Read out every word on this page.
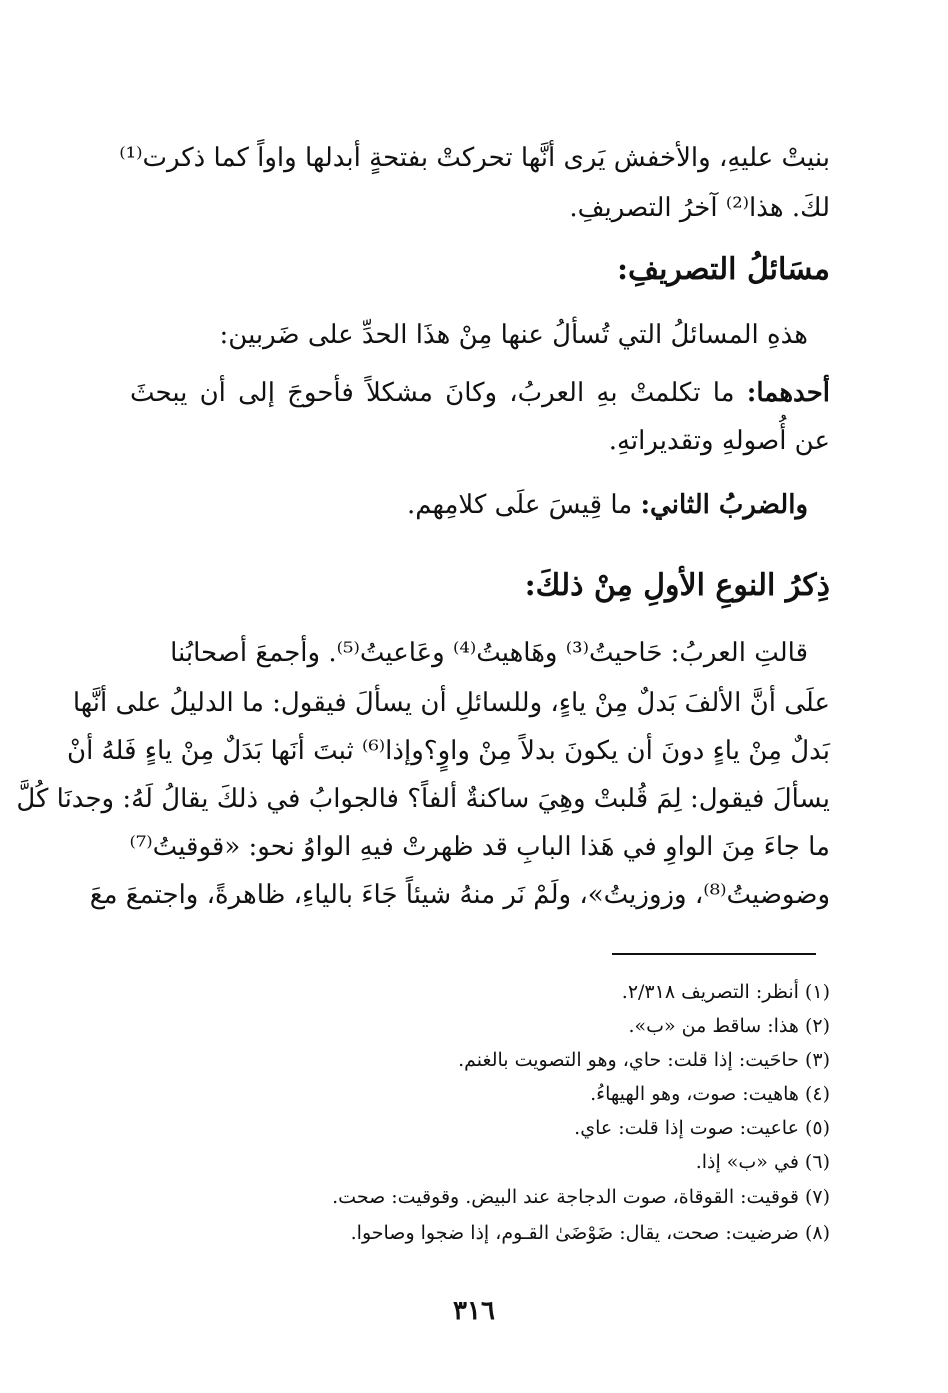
بنيتْ عليهِ، والأخفش يَرى أنَّها تحركتْ بفتحةٍ أبدلها واواً كما ذكرت⁽¹⁾
لكَ. هذا⁽²⁾ آخرُ التصريفِ.
مسَائلُ التصريفِ:
هذهِ المسائلُ التي تُسألُ عنها مِنْ هذَا الحدِّ على ضَربين:
أحدهما: ما تكلمتْ بهِ العربُ، وكانَ مشكلاً فأحوجَ إلى أن يبحثَ
عن أُصولهِ وتقديراتهِ.
والضربُ الثاني: ما قِيسَ علَى كلامِهم.
ذِكرُ النوعِ الأولِ مِنْ ذلكَ:
قالتِ العربُ: حَاحيتُ⁽³⁾ وهَاهيتُ⁽⁴⁾ وعَاعيتُ⁽⁵⁾. وأجمعَ أصحابُنا
علَى أنَّ الألفَ بَدلٌ مِنْ ياءٍ، وللسائلِ أن يسألَ فيقول: ما الدليلُ على أنَّها
بَدلٌ مِنْ ياءٍ دونَ أن يكونَ بدلاً مِنْ واوٍ؟وإذا⁽⁶⁾ ثبتَ أنَها بَدَلٌ مِنْ ياءٍ فَلهُ أنْ
يسألَ فيقول: لِمَ قُلبتْ وهِيَ ساكنةٌ ألفاً؟ فالجوابُ في ذلكَ يقالُ لَهُ: وجدنَا كُلَّ
ما جاءَ مِنَ الواوِ في هَذا البابِ قد ظهرتْ فيهِ الواوُ نحو: «قوقيتُ⁽⁷⁾
وضوضيتُ⁽⁸⁾، وزوزيتُ»، ولَمْ نَر منهُ شيئاً جَاءَ بالياءِ، ظاهرةً، واجتمعَ معَ
(١) أنظر: التصريف ٢/٣١٨.
(٢) هذا: ساقط من «ب».
(٣) حاحَيت: إذا قلت: حاي، وهو التصويت بالغنم.
(٤) هاهيت: صوت، وهو الهيهاءُ.
(٥) عاعيت: صوت إذا قلت: عاي.
(٦) في «ب» إذا.
(٧) قوقيت: القوقاة، صوت الدجاجة عند البيض. وقوقيت: صحت.
(٨) ضرضيت: صحت، يقال: ضَوْضَىٰ القـوم، إذا ضجوا وصاحوا.
٣١٦
